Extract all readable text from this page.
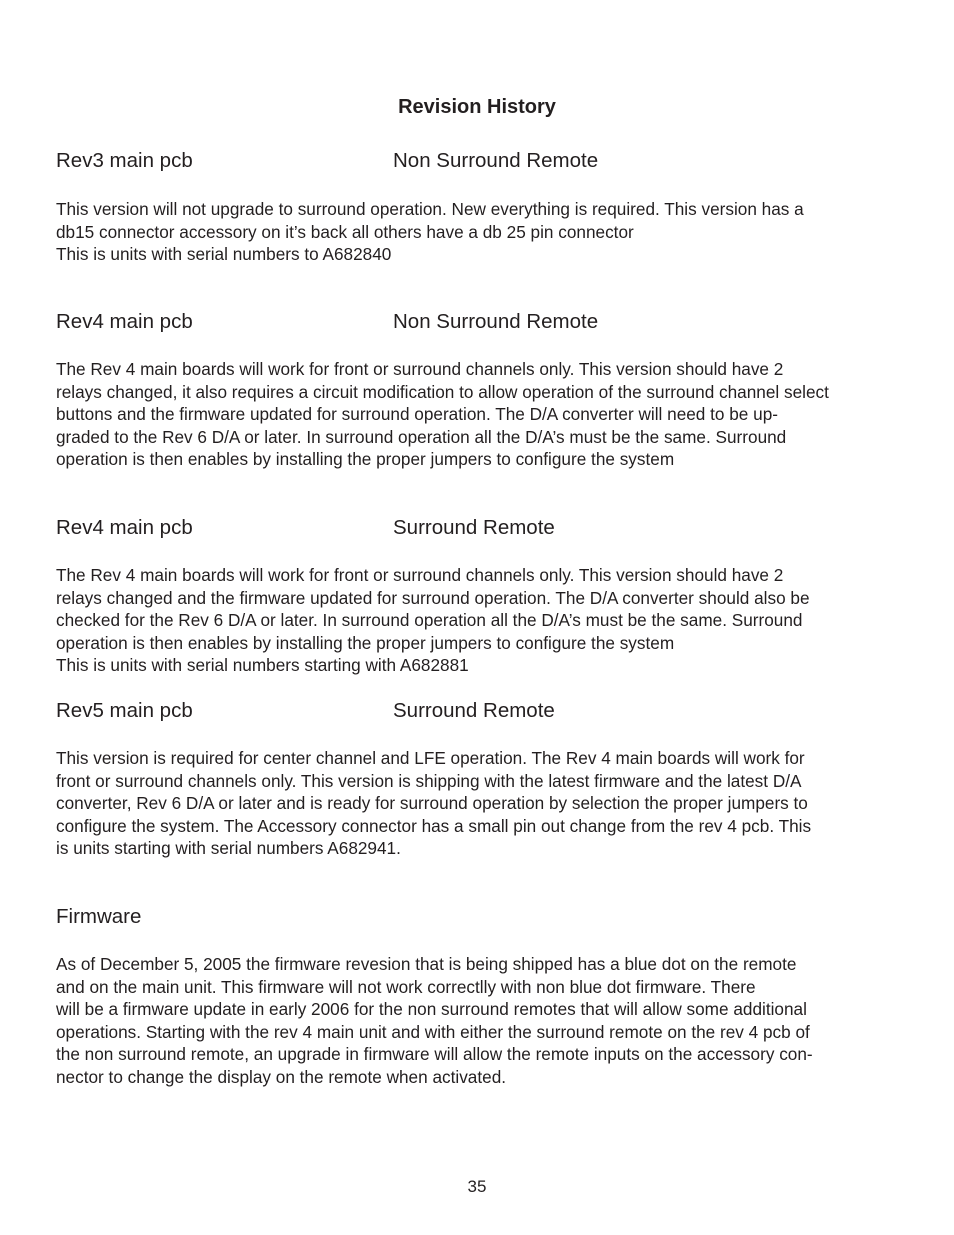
Revision History
Rev3 main pcb	Non Surround Remote

This version will not upgrade to surround operation. New everything is required. This version has a
db15 connector accessory on it’s back all others have a db 25 pin connector
This is units with serial numbers to A682840

Rev4 main pcb	Non Surround Remote

The Rev 4 main boards will work for front or surround channels only. This version should have 2
relays changed, it also requires a circuit modification to allow operation of the surround channel select
buttons and the firmware updated for surround operation. The D/A converter will need to be up-
graded to the Rev 6 D/A or later. In surround operation all the D/A’s must be the same. Surround
operation is then enables by installing the proper jumpers to configure the system

Rev4 main pcb	Surround Remote

The Rev 4 main boards will work for front or surround channels only. This version should have 2
relays changed and the firmware updated for surround operation. The D/A converter should also be
checked for the Rev 6 D/A or later. In surround operation all the D/A’s must be the same. Surround
operation is then enables by installing the proper jumpers to configure the system
This is units with serial numbers starting with A682881

Rev5 main pcb	Surround Remote

This version is required for center channel and LFE operation. The Rev 4 main boards will work for
front or surround channels only. This version is shipping with the latest firmware and the latest D/A
converter, Rev 6 D/A or later and is ready for surround operation by selection the proper jumpers to
configure the system. The Accessory connector has a small pin out change from the rev 4 pcb. This
is units starting with serial numbers A682941.

Firmware

As of December 5, 2005 the firmware revesion that is being shipped has a blue dot on the remote
and on the main unit. This firmware will not work correctlly with non blue dot firmware. There
will be a firmware update in early 2006 for the non surround remotes that will allow some additional
operations. Starting with the rev 4 main unit and with either the surround remote on the rev 4 pcb of
the non surround remote, an upgrade in firmware will allow the remote inputs on the accessory con-
nector to change the display on the remote when activated.

35
